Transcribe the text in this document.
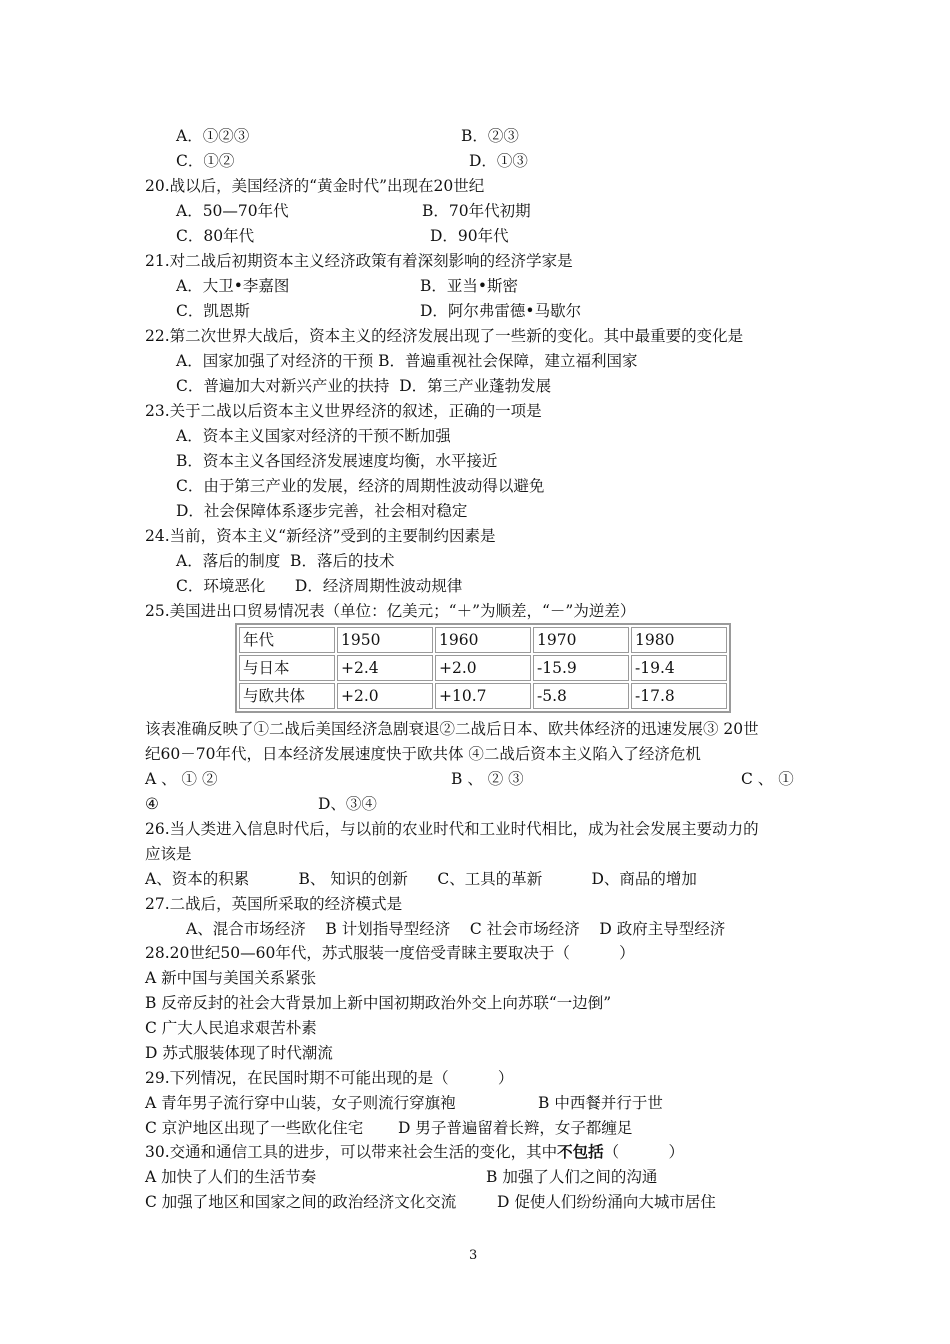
A．①②③	B．②③
C．①②	D．①③
20.战以后，美国经济的“黄金时代”出现在20世纪
A．50—70年代	B．70年代初期
C．80年代	D．90年代
21.对二战后初期资本主义经济政策有着深刻影响的经济学家是
A．大卫•李嘉图	B．亚当•斯密
C．凯恩斯	D．阿尔弗雷德•马歇尔
22.第二次世界大战后，资本主义的经济发展出现了一些新的变化。其中最重要的变化是
A．国家加强了对经济的干预 B．普遍重视社会保障，建立福利国家
C．普遍加大对新兴产业的扶持  D．第三产业蓬勃发展
23.关于二战以后资本主义世界经济的叙述，正确的一项是
A．资本主义国家对经济的干预不断加强
B．资本主义各国经济发展速度均衡，水平接近
C．由于第三产业的发展，经济的周期性波动得以避免
D．社会保障体系逐步完善，社会相对稳定
24.当前，资本主义“新经济”受到的主要制约因素是
A．落后的制度  B．落后的技术
C．环境恶化      D．经济周期性波动规律
25.美国进出口贸易情况表（单位：亿美元；“＋”为顺差，“－”为逆差）
年代	1950	1960	1970	1980
与日本	+2.4	+2.0	-15.9	-19.4
与欧共体	+2.0	+10.7	-5.8	-17.8
该表准确反映了①二战后美国经济急剧衰退②二战后日本、欧共体经济的迅速发展③ 20世
纪60－70年代，日本经济发展速度快于欧共体 ④二战后资本主义陷入了经济危机
A 、 ① ②	B 、 ② ③	C 、 ①
④	D、③④
26.当人类进入信息时代后，与以前的农业时代和工业时代相比，成为社会发展主要动力的
应该是
A、资本的积累          B、 知识的创新      C、工具的革新          D、商品的增加
27.二战后，英国所采取的经济模式是
A、混合市场经济    B 计划指导型经济    C 社会市场经济    D 政府主导型经济
28.20世纪50—60年代，苏式服装一度倍受青睐主要取决于（          ）
A 新中国与美国关系紧张
B 反帝反封的社会大背景加上新中国初期政治外交上向苏联“一边倒”
C 广大人民追求艰苦朴素
D 苏式服装体现了时代潮流
29.下列情况，在民国时期不可能出现的是（          ）
A 青年男子流行穿中山装，女子则流行穿旗袍	B 中西餐并行于世
C 京沪地区出现了一些欧化住宅 D 男子普遍留着长辫，女子都缠足
30.交通和通信工具的进步，可以带来社会生活的变化，其中不包括（          ）
A 加快了人们的生活节奏	B 加强了人们之间的沟通
C 加强了地区和国家之间的政治经济文化交流	D 促使人们纷纷涌向大城市居住
3
